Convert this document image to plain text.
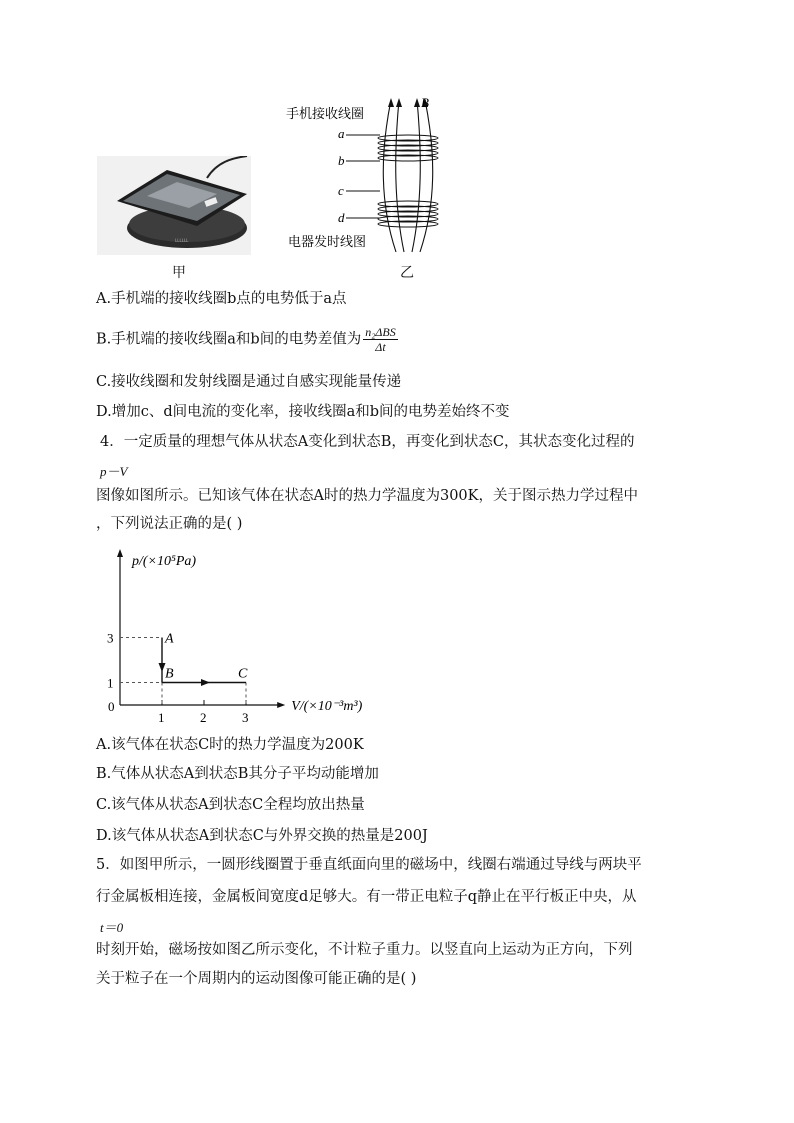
LLLLLL
甲
B
手机接收线圈
a
b
c
d
电器发时线图
乙
A.手机端的接收线圈b点的电势低于a点
B.手机端的接收线圈a和b间的电势差值为 $\frac{\text{n₂ΔBS}}{\Delta t}$
C.接收线圈和发射线圈是通过自感实现能量传递
D.增加c、d间电流的变化率，接收线圈a和b间的电势差始终不变
4．一定质量的理想气体从状态A变化到状态B，再变化到状态C，其状态变化过程的
p－V
图像如图所示。已知该气体在状态A时的热力学温度为300K，关于图示热力学过程中
，下列说法正确的是( )
p/(×10⁵Pa)
V/(×10⁻³m³)
0
1	2	3
1
3	A
B	C
A.该气体在状态C时的热力学温度为200K
B.气体从状态A到状态B其分子平均动能增加
C.该气体从状态A到状态C全程均放出热量
D.该气体从状态A到状态C与外界交换的热量是200J
5．如图甲所示，一圆形线圈置于垂直纸面向里的磁场中，线圈右端通过导线与两块平
行金属板相连接，金属板间宽度d足够大。有一带正电粒子q静止在平行板正中央，从
t＝0
时刻开始，磁场按如图乙所示变化，不计粒子重力。以竖直向上运动为正方向，下列
关于粒子在一个周期内的运动图像可能正确的是( )
